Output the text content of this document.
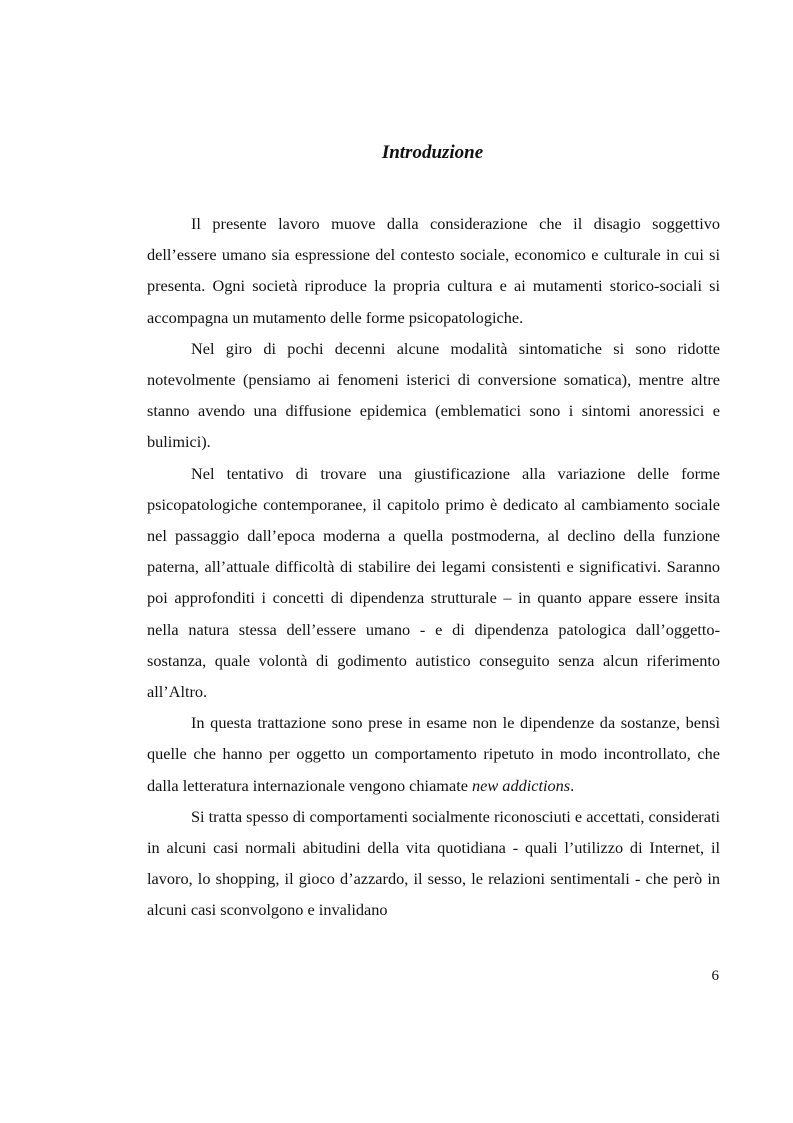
Introduzione

Il presente lavoro muove dalla considerazione che il disagio soggettivo dell’essere umano sia espressione del contesto sociale, economico e culturale in cui si presenta. Ogni società riproduce la propria cultura e ai mutamenti storico-sociali si accompagna un mutamento delle forme psicopatologiche.

Nel giro di pochi decenni alcune modalità sintomatiche si sono ridotte notevolmente (pensiamo ai fenomeni isterici di conversione somatica), mentre altre stanno avendo una diffusione epidemica (emblematici sono i sintomi anoressici e bulimici).

Nel tentativo di trovare una giustificazione alla variazione delle forme psicopatologiche contemporanee, il capitolo primo è dedicato al cambiamento sociale nel passaggio dall’epoca moderna a quella postmoderna, al declino della funzione paterna, all’attuale difficoltà di stabilire dei legami consistenti e significativi. Saranno poi approfonditi i concetti di dipendenza strutturale – in quanto appare essere insita nella natura stessa dell’essere umano - e di dipendenza patologica dall’oggetto-sostanza, quale volontà di godimento autistico conseguito senza alcun riferimento all’Altro.

In questa trattazione sono prese in esame non le dipendenze da sostanze, bensì quelle che hanno per oggetto un comportamento ripetuto in modo incontrollato, che dalla letteratura internazionale vengono chiamate new addictions.

Si tratta spesso di comportamenti socialmente riconosciuti e accettati, considerati in alcuni casi normali abitudini della vita quotidiana - quali l’utilizzo di Internet, il lavoro, lo shopping, il gioco d’azzardo, il sesso, le relazioni sentimentali - che però in alcuni casi sconvolgono e invalidano

6
